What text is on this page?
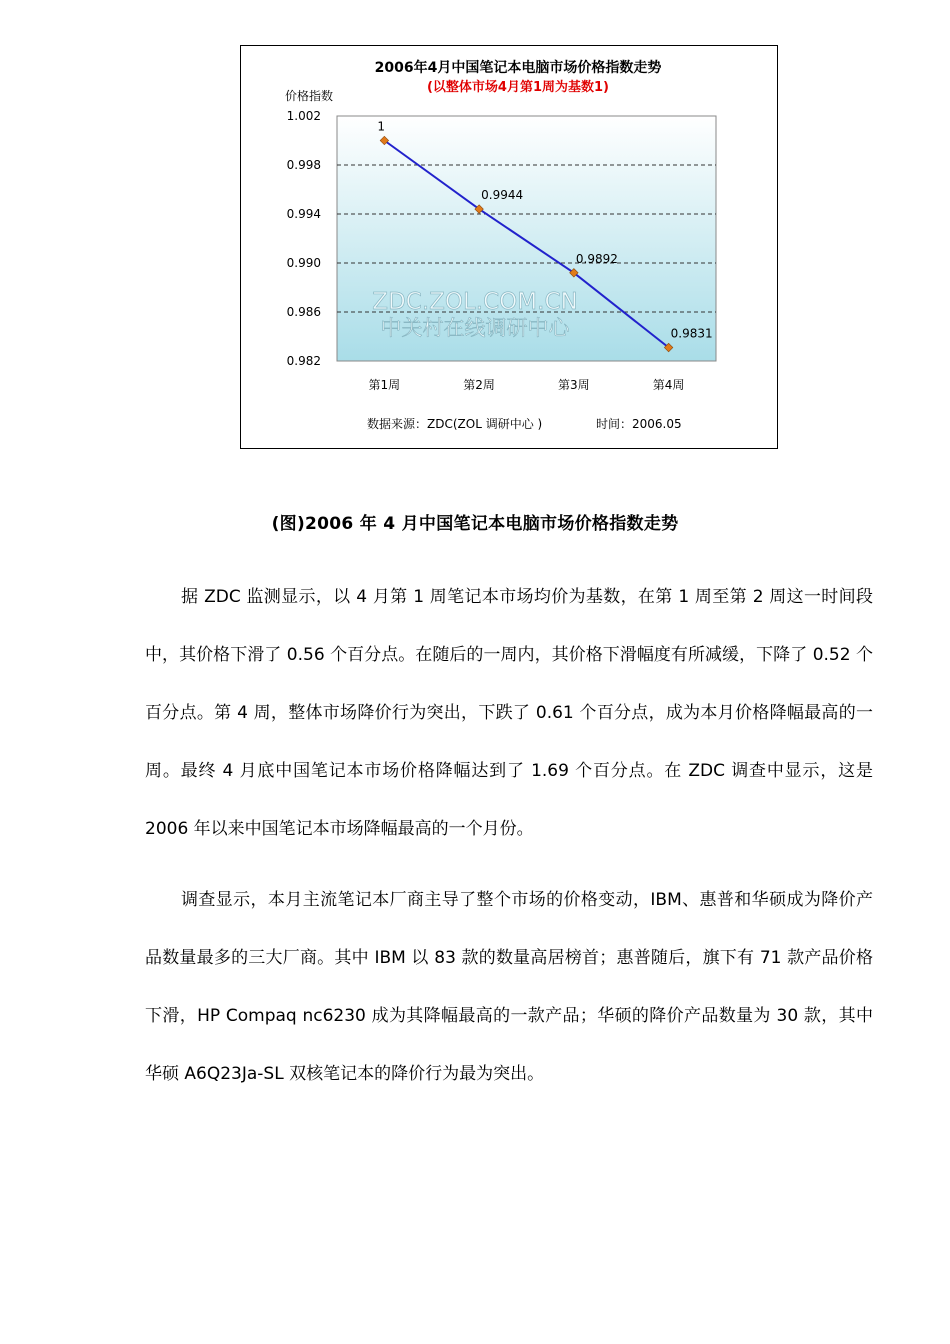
2006年4月中国笔记本电脑市场价格指数走势
(以整体市场4月第1周为基数1)
价格指数
ZDC.ZOL.COM.CN
中关村在线调研中心
1.002
0.998
0.994
0.990
0.986
0.982
第1周	第2周	第3周	第4周
1
0.9944
0.9892
0.9831
数据来源：ZDC(ZOL 调研中心 )	时间：2006.05
(图)2006 年 4 月中国笔记本电脑市场价格指数走势

据 ZDC 监测显示，以 4 月第 1 周笔记本市场均价为基数，在第 1 周至第 2 周这一时间段中，其价格下滑了 0.56 个百分点。在随后的一周内，其价格下滑幅度有所减缓，下降了 0.52 个百分点。第 4 周，整体市场降价行为突出，下跌了 0.61 个百分点，成为本月价格降幅最高的一周。最终 4 月底中国笔记本市场价格降幅达到了 1.69 个百分点。在 ZDC 调查中显示，这是 2006 年以来中国笔记本市场降幅最高的一个月份。

调查显示，本月主流笔记本厂商主导了整个市场的价格变动，IBM、惠普和华硕成为降价产品数量最多的三大厂商。其中 IBM 以 83 款的数量高居榜首；惠普随后，旗下有 71 款产品价格下滑，HP Compaq nc6230 成为其降幅最高的一款产品；华硕的降价产品数量为 30 款，其中华硕 A6Q23Ja-SL 双核笔记本的降价行为最为突出。
